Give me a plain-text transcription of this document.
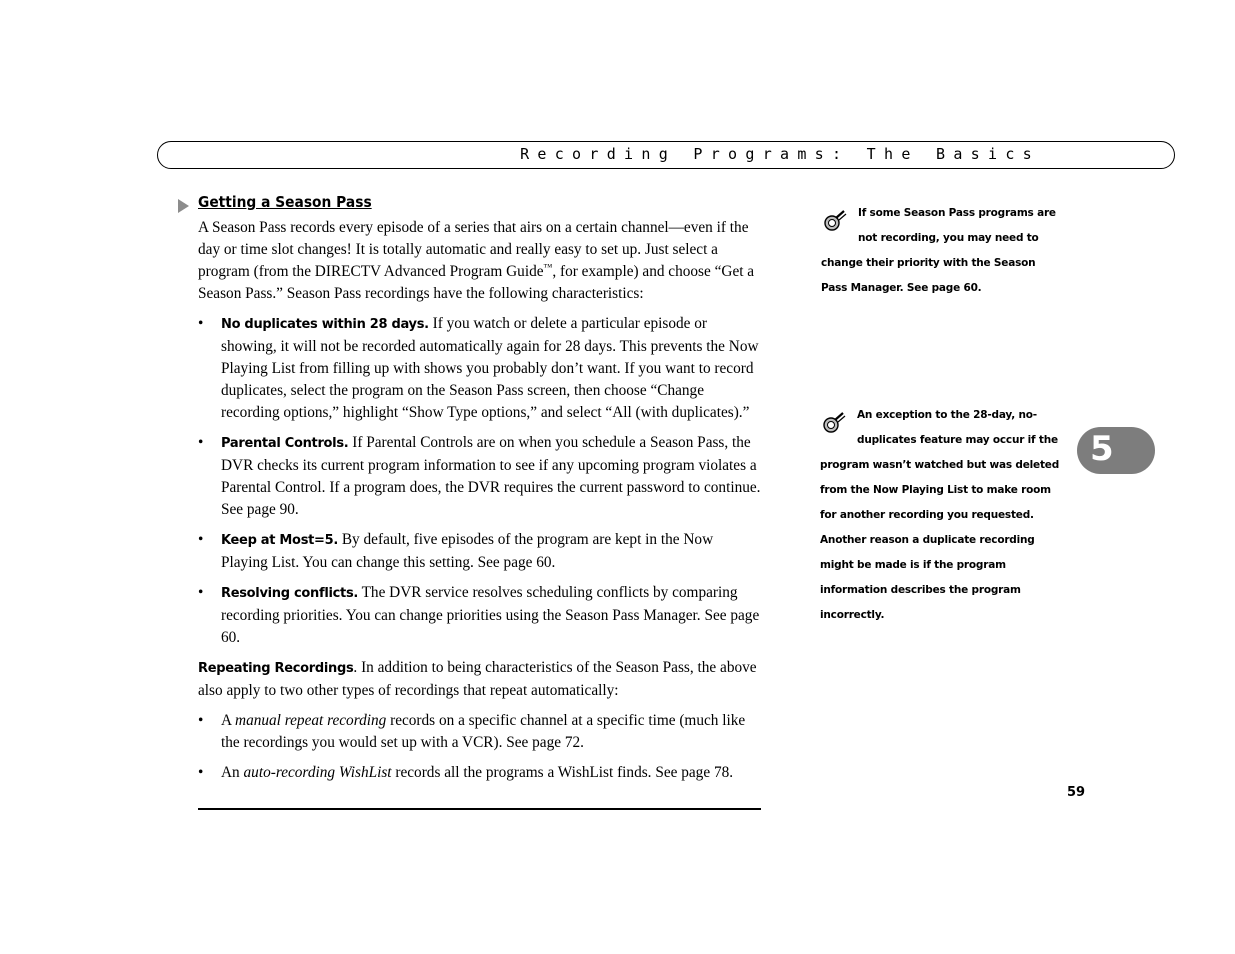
Recording Programs: The Basics
Getting a Season Pass

A Season Pass records every episode of a series that airs on a certain channel—even if the day or time slot changes! It is totally automatic and really easy to set up. Just select a program (from the DIRECTV Advanced Program Guide™, for example) and choose “Get a Season Pass.” Season Pass recordings have the following characteristics:

• No duplicates within 28 days. If you watch or delete a particular episode or showing, it will not be recorded automatically again for 28 days. This prevents the Now Playing List from filling up with shows you probably don’t want. If you want to record duplicates, select the program on the Season Pass screen, then choose “Change recording options,” highlight “Show Type options,” and select “All (with duplicates).”
• Parental Controls. If Parental Controls are on when you schedule a Season Pass, the DVR checks its current program information to see if any upcoming program violates a Parental Control. If a program does, the DVR requires the current password to continue. See page 90.
• Keep at Most=5. By default, five episodes of the program are kept in the Now Playing List. You can change this setting. See page 60.
• Resolving conflicts. The DVR service resolves scheduling conflicts by comparing recording priorities. You can change priorities using the Season Pass Manager. See page 60.

Repeating Recordings. In addition to being characteristics of the Season Pass, the above also apply to two other types of recordings that repeat automatically:

• A manual repeat recording records on a specific channel at a specific time (much like the recordings you would set up with a VCR). See page 72.
• An auto-recording WishList records all the programs a WishList finds. See page 78.

If some Season Pass programs are
not recording, you may need to
change their priority with the Season
Pass Manager. See page 60.

An exception to the 28-day, no-
duplicates feature may occur if the
program wasn’t watched but was deleted
from the Now Playing List to make room
for another recording you requested.
Another reason a duplicate recording
might be made is if the program
information describes the program
incorrectly.

5
59
